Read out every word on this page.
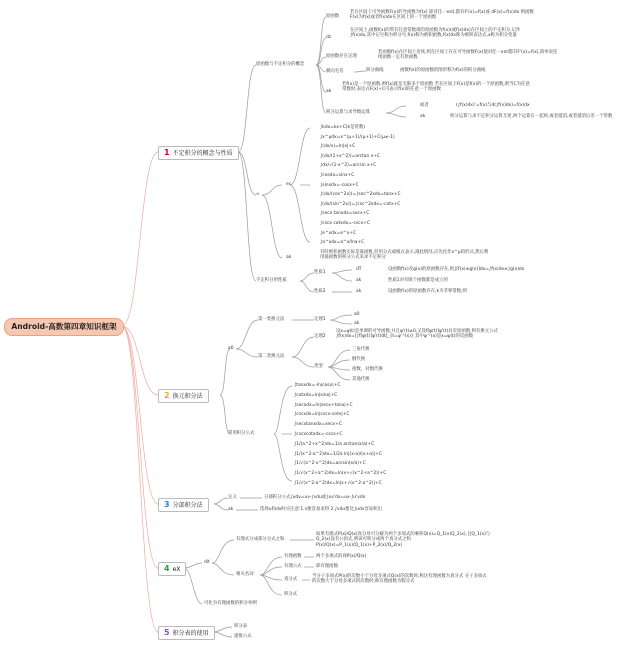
Android-高数第四章知识框架
1 不定积分的概念与性质
2 换元积分法
3 分部积分法
4 eX
5 积分表的使用
原函数与不定积分的概念
原函数
若在区间上可导函数F(x)的导函数为f(x) 即对任一x∈I,都有F'(x)=f(x)或 dF(x)=f(x)dx 则函数F(x)为f(x)或者f(x)dx在区间上的一个原函数
dz
在区间上,函数f(x)的带有任意常数项的原函数为f(x)(或f(x)dx)在区间上的不定积分,记作∫f(x)dx,其中记号称为积分号,f(x)称为被积函数,f(x)dx称为被积表达式,x称为积分变量
原函数存在定理
若函数f(x)在区间上连续,则在区间上存在可导函数F(x)使对任一x∈I都有F'(x)=f(x),简单说连续函数一定有原函数
朝向毛肖	积分曲线	函数f(x)的原函数的图形称为f(x)的积分曲线
ak
若f(x)是一个原函数,则f(x)就是无限多个原函数 若在区间上F(x)是f(x)的一个原函数,则当C为任意常数时,表达式F(x)+C可表示f(x)的任意一个原函数
积分运算与求导数运算
或者	(∫f(x)dx)'=f(x)与d(∫f(x)dx)=f(x)dx
ak	积分运算与求不定积分运算互逆,两个运算在一起时,或者抵消,或者抵消后差一个常数
∞
ec
∫kdx=kx+C(k是常数)
∫x^μdx=x^(μ+1)/(μ+1)+C(μ≠-1)
∫(dx/x)=ln|x|+C
∫(dx/(1+x^2))=arctan x+C
∫dx/√(1-x^2)=arcsin x+C
∫cosdx=sinx+C
∫sinxdx=-cosx+C
∫(dx/(cos^2x))=∫sec^2xdx=tanx+C
∫(dx/(sin^2x))=∫csc^2xdx=-cotx+C
∫secx tanxdx=secx+C
∫cscx cotxdx=-cscx+C
∫e^xdx=e^x+C
∫a^xdx=a^x/lna+C
ak
有时被积函数实际是幂函数,但用分式或根式表示,遇此情况,应先化作x^μ的形式,然后利用幂函数的积分公式来求不定积分
不定积分的性质
性质1
dT	设函数f(x)及g(x)的原函数存在,则∫[f(x)±g(x)]dx=∫f(x)dx±∫g(x)dx
ak	性质1对有限个函数都是成立的
性质2	ak	设函数f(x)的原函数存在,k为非零常数,则
a0
第一类换元法	定理1
a0
ak
第二类换元法
定理2
设x=ψ(t)是单调的可导函数,并且ψ'(t)≠0,又设f[ψ(t)]ψ'(t)具有原函数,则有换元公式∫f(x)dx=[∫f[ψ(t)]ψ'(t)dt]_{t=ψ⁻¹(x)} 其中ψ⁻¹(x)是x=ψ(t)的反函数
类型
三角代换
倒代换
指数、对数代换
其他代换
常用积分公式
∫tanxdx=-ln|cosx|+C
∫cotxdx=ln|sinx|+C
∫secxdx=ln|secx+tanx|+C
∫cscxdx=ln|cscx-cotx|+C
∫secxtanxdx=secx+C
∫cscxcotxdx=-cscx+C
∫1/(a^2+x^2)dx=1/a arctan(x/a)+C
∫1/(x^2-a^2)dx=1/2a ln|(x-a)/(x+a)|+C
∫1/√(a^2-x^2)dx=arcsin(x/a)+C
∫1/√(x^2+a^2)dx=ln(x+√(x^2+a^2))+C
∫1/√(x^2-a^2)dx=ln|x+√(x^2-a^2)|+C
定义	分部积分公式∫udv=uv-∫vdu或∫uv'dx=uv-∫u'vdx
ak	选择u和dv时应注意:1.v要容易求得 2.∫vdu要比∫udv容易积出
dX
有理式分成部分分式之和
如果有理式P(x)/Q(x)真分母可分解为两个多项式的乘积Q(x)=Q_1(x)Q_2(x),且Q_1(x)与Q_2(x)没有公因式,则该可积分成两个真分式之和 P(x)/Q(x)=P_1(x)/Q_1(x)+P_2(x)/Q_2(x)
相关名词
有理函数	两个多项式的商P(x)/Q(x)
有理公式	即有理函数
真分式
当分子多项式P(x)的次数小于分母多项式Q(x)的次数时,称这有理函数为真分式 分子多项式的次数大于分母多项式的次数时,称有理函数为假分式
积分式
可化为有理函数的积分举例
积分表
递推公式
